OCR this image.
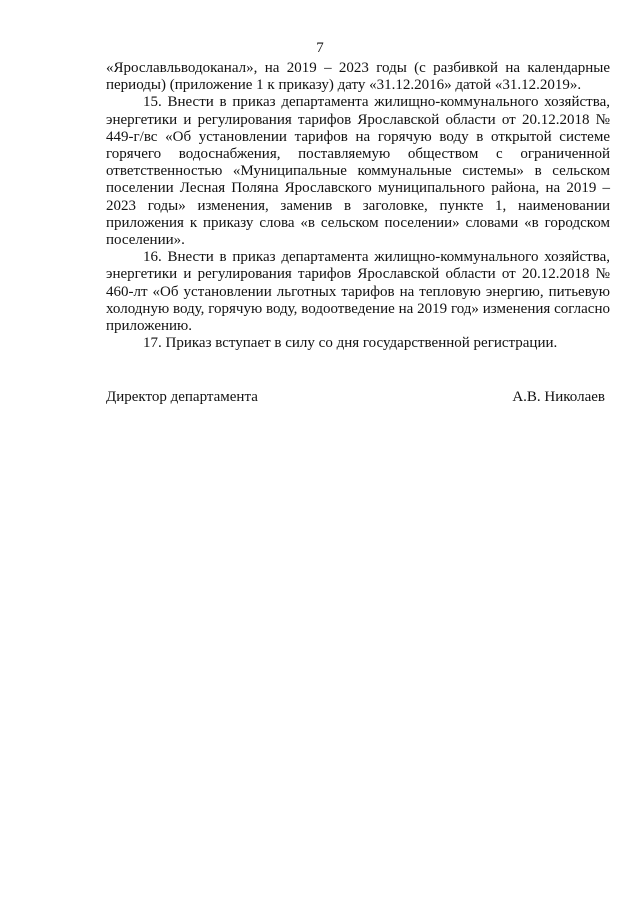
7

«Ярославльводоканал», на 2019 – 2023 годы (с разбивкой на календарные периоды) (приложение 1 к приказу) дату «31.12.2016» датой «31.12.2019».

15. Внести в приказ департамента жилищно-коммунального хозяйства, энергетики и регулирования тарифов Ярославской области от 20.12.2018 № 449-г/вс «Об установлении тарифов на горячую воду в открытой системе горячего водоснабжения, поставляемую обществом с ограниченной ответственностью «Муниципальные коммунальные системы» в сельском поселении Лесная Поляна Ярославского муниципального района, на 2019 – 2023 годы» изменения, заменив в заголовке, пункте 1, наименовании приложения к приказу слова «в сельском поселении» словами «в городском поселении».

16. Внести в приказ департамента жилищно-коммунального хозяйства, энергетики и регулирования тарифов Ярославской области от 20.12.2018 № 460-лт «Об установлении льготных тарифов на тепловую энергию, питьевую холодную воду, горячую воду, водоотведение на 2019 год» изменения согласно приложению.

17. Приказ вступает в силу со дня государственной регистрации.

Директор департамента	А.В. Николаев
